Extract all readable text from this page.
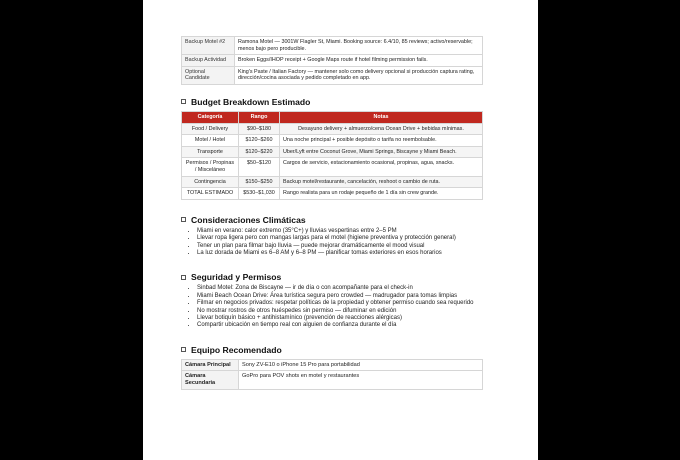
Backup Motel #2	Ramona Motel — 3001W Flagler St, Miami. Booking source: 6.4/10, 85 reviews; activo/reservable; menos bajo pero producible.
Backup Actividad	Broken Eggs/IHOP receipt + Google Maps route if hotel filming permission fails.
Optional Candidate	King's Paste / Italian Factory — mantener solo como delivery opcional si producción captura rating, dirección/cocina asociada y pedido completado en app.
Budget Breakdown Estimado
Categoría	Rango	Notas
Food / Delivery	$90–$180	Desayuno delivery + almuerzo/cena Ocean Drive + bebidas mínimas.
Motel / Hotel	$120–$260	Una noche principal + posible depósito o tarifa no reembolsable.
Transporte	$120–$220	Uber/Lyft entre Coconut Grove, Miami Springs, Biscayne y Miami Beach.
Permisos / Propinas / Misceláneo	$50–$120	Cargos de servicio, estacionamiento ocasional, propinas, agua, snacks.
Contingencia	$150–$250	Backup motel/restaurante, cancelación, reshoot o cambio de ruta.
TOTAL ESTIMADO	$530–$1,030	Rango realista para un rodaje pequeño de 1 día sin crew grande.
Consideraciones Climáticas
• Miami en verano: calor extremo (35°C+) y lluvias vespertinas entre 2–5 PM
• Llevar ropa ligera pero con mangas largas para el motel (higiene preventiva y protección general)
• Tener un plan para filmar bajo lluvia — puede mejorar dramáticamente el mood visual
• La luz dorada de Miami es 6–8 AM y 6–8 PM — planificar tomas exteriores en esos horarios
Seguridad y Permisos
• Sinbad Motel: Zona de Biscayne — ir de día o con acompañante para el check-in
• Miami Beach Ocean Drive: Área turística segura pero crowded — madrugador para tomas limpias
• Filmar en negocios privados: respetar políticas de la propiedad y obtener permiso cuando sea requerido
• No mostrar rostros de otros huéspedes sin permiso — difuminar en edición
• Llevar botiquín básico + antihistamínico (prevención de reacciones alérgicas)
• Compartir ubicación en tiempo real con alguien de confianza durante el día
Equipo Recomendado
Cámara Principal	Sony ZV-E10 o iPhone 15 Pro para portabilidad
Cámara Secundaria	GoPro para POV shots en motel y restaurantes
